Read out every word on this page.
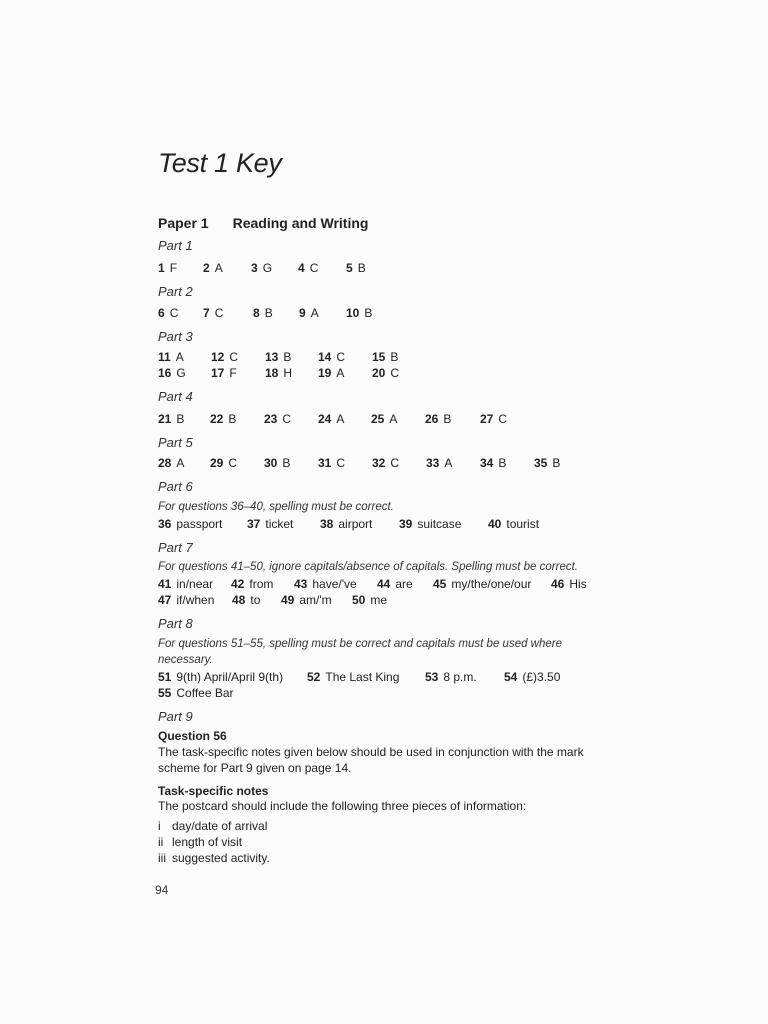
Test 1 Key
Paper 1 Reading and Writing

Part 1

1 F 2 A 3 G 4 C 5 B

Part 2

6 C 7 C 8 B 9 A 10 B

Part 3

11 A 12 C 13 B 14 C 15 B
16 G 17 F 18 H 19 A 20 C

Part 4

21 B 22 B 23 C 24 A 25 A 26 B 27 C

Part 5

28 A 29 C 30 B 31 C 32 C 33 A 34 B 35 B

Part 6

For questions 36–40, spelling must be correct.

36 passport 37 ticket 38 airport 39 suitcase 40 tourist

Part 7

For questions 41–50, ignore capitals/absence of capitals. Spelling must be correct.

41 in/near 42 from 43 have/'ve 44 are 45 my/the/one/our 46 His
47 if/when 48 to 49 am/'m 50 me

Part 8

For questions 51–55, spelling must be correct and capitals must be used where

necessary.

51 9(th) April/April 9(th) 52 The Last King 53 8 p.m. 54 (£)3.50
55 Coffee Bar

Part 9

Question 56

The task-specific notes given below should be used in conjunction with the mark

scheme for Part 9 given on page 14.

Task-specific notes

The postcard should include the following three pieces of information:

i day/date of arrival

ii length of visit

iii suggested activity.

94
